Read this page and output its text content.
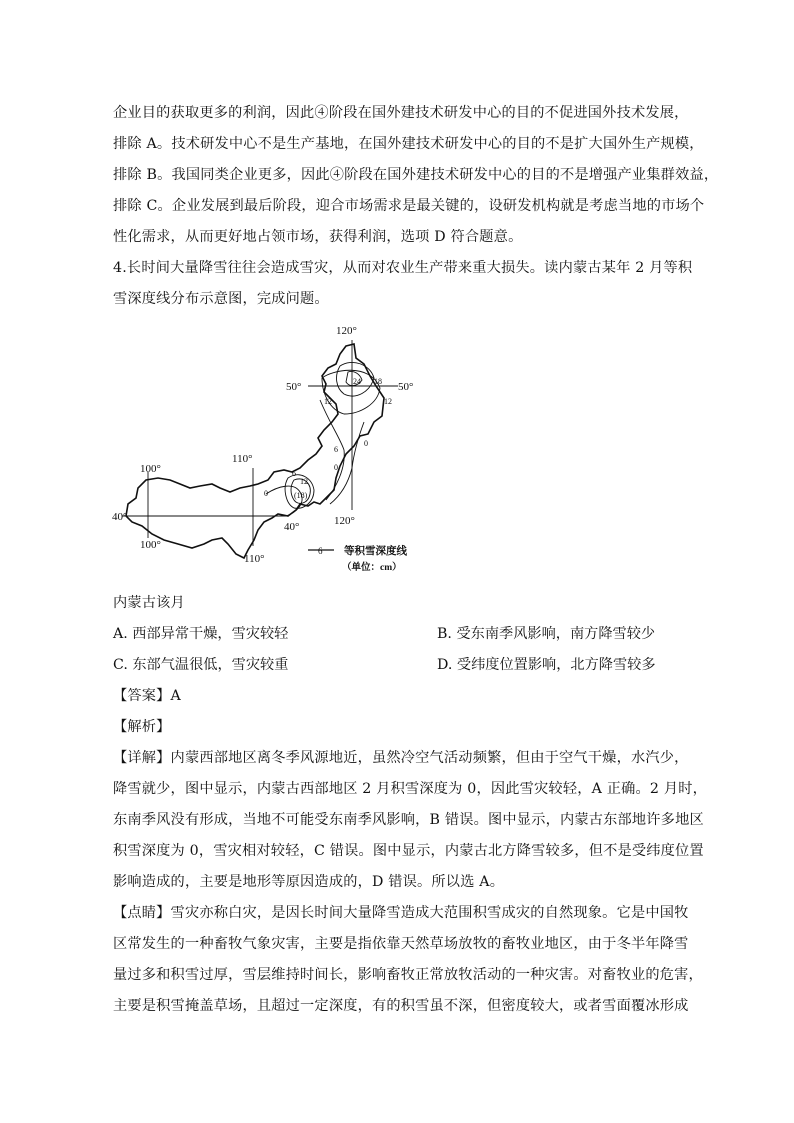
企业目的获取更多的利润，因此④阶段在国外建技术研发中心的目的不促进国外技术发展，
排除 A。技术研发中心不是生产基地，在国外建技术研发中心的目的不是扩大国外生产规模，
排除 B。我国同类企业更多，因此④阶段在国外建技术研发中心的目的不是增强产业集群效益，
排除 C。企业发展到最后阶段，迎合市场需求是最关键的，设研发机构就是考虑当地的市场个
性化需求，从而更好地占领市场，获得利润，选项 D 符合题意。
4.长时间大量降雪往往会造成雪灾，从而对农业生产带来重大损失。读内蒙古某年 2 月等积
雪深度线分布示意图，完成问题。
120°
120°
110°
110°
100°
100°
50°	50°
40°
40°
24 18
12	12
6
0
0
0
6
12
(18)
6 等积雪深度线
（单位：cm）
内蒙古该月
A. 西部异常干燥，雪灾较轻	B. 受东南季风影响，南方降雪较少
C. 东部气温很低，雪灾较重	D. 受纬度位置影响，北方降雪较多
【答案】A
【解析】
【详解】内蒙西部地区离冬季风源地近，虽然冷空气活动频繁，但由于空气干燥，水汽少，
降雪就少，图中显示，内蒙古西部地区 2 月积雪深度为 0，因此雪灾较轻，A 正确。2 月时，
东南季风没有形成，当地不可能受东南季风影响，B 错误。图中显示，内蒙古东部地许多地区
积雪深度为 0，雪灾相对较轻，C 错误。图中显示，内蒙古北方降雪较多，但不是受纬度位置
影响造成的，主要是地形等原因造成的，D 错误。所以选 A。
【点睛】雪灾亦称白灾，是因长时间大量降雪造成大范围积雪成灾的自然现象。它是中国牧
区常发生的一种畜牧气象灾害，主要是指依靠天然草场放牧的畜牧业地区，由于冬半年降雪
量过多和积雪过厚，雪层维持时间长，影响畜牧正常放牧活动的一种灾害。对畜牧业的危害，
主要是积雪掩盖草场，且超过一定深度，有的积雪虽不深，但密度较大，或者雪面覆冰形成
